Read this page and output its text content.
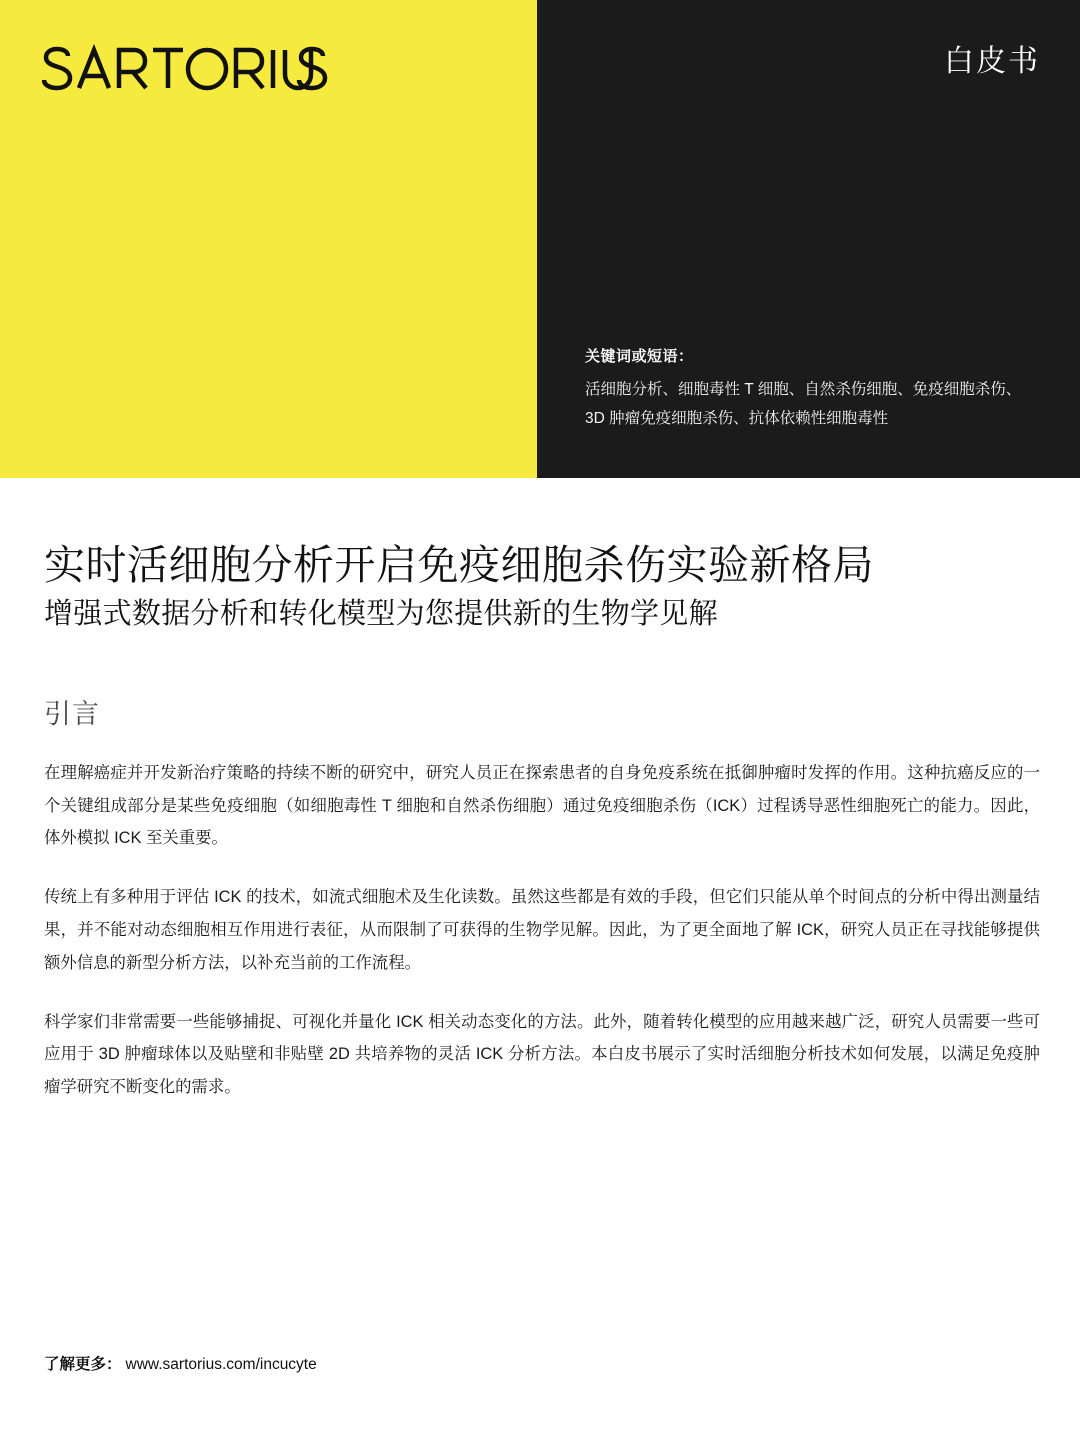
白皮书
关键词或短语：
活细胞分析、细胞毒性 T 细胞、自然杀伤细胞、免疫细胞杀伤、3D 肿瘤免疫细胞杀伤、抗体依赖性细胞毒性
实时活细胞分析开启免疫细胞杀伤实验新格局
增强式数据分析和转化模型为您提供新的生物学见解
引言

在理解癌症并开发新治疗策略的持续不断的研究中，研究人员正在探索患者的自身免疫系统在抵御肿瘤时发挥的作用。这种抗癌反应的一个关键组成部分是某些免疫细胞（如细胞毒性 T 细胞和自然杀伤细胞）通过免疫细胞杀伤（ICK）过程诱导恶性细胞死亡的能力。因此，体外模拟 ICK 至关重要。

传统上有多种用于评估 ICK 的技术，如流式细胞术及生化读数。虽然这些都是有效的手段，但它们只能从单个时间点的分析中得出测量结果，并不能对动态细胞相互作用进行表征，从而限制了可获得的生物学见解。因此，为了更全面地了解 ICK，研究人员正在寻找能够提供额外信息的新型分析方法，以补充当前的工作流程。

科学家们非常需要一些能够捕捉、可视化并量化 ICK 相关动态变化的方法。此外，随着转化模型的应用越来越广泛，研究人员需要一些可应用于 3D 肿瘤球体以及贴壁和非贴壁 2D 共培养物的灵活 ICK 分析方法。本白皮书展示了实时活细胞分析技术如何发展，以满足免疫肿瘤学研究不断变化的需求。

了解更多： www.sartorius.com/incucyte
